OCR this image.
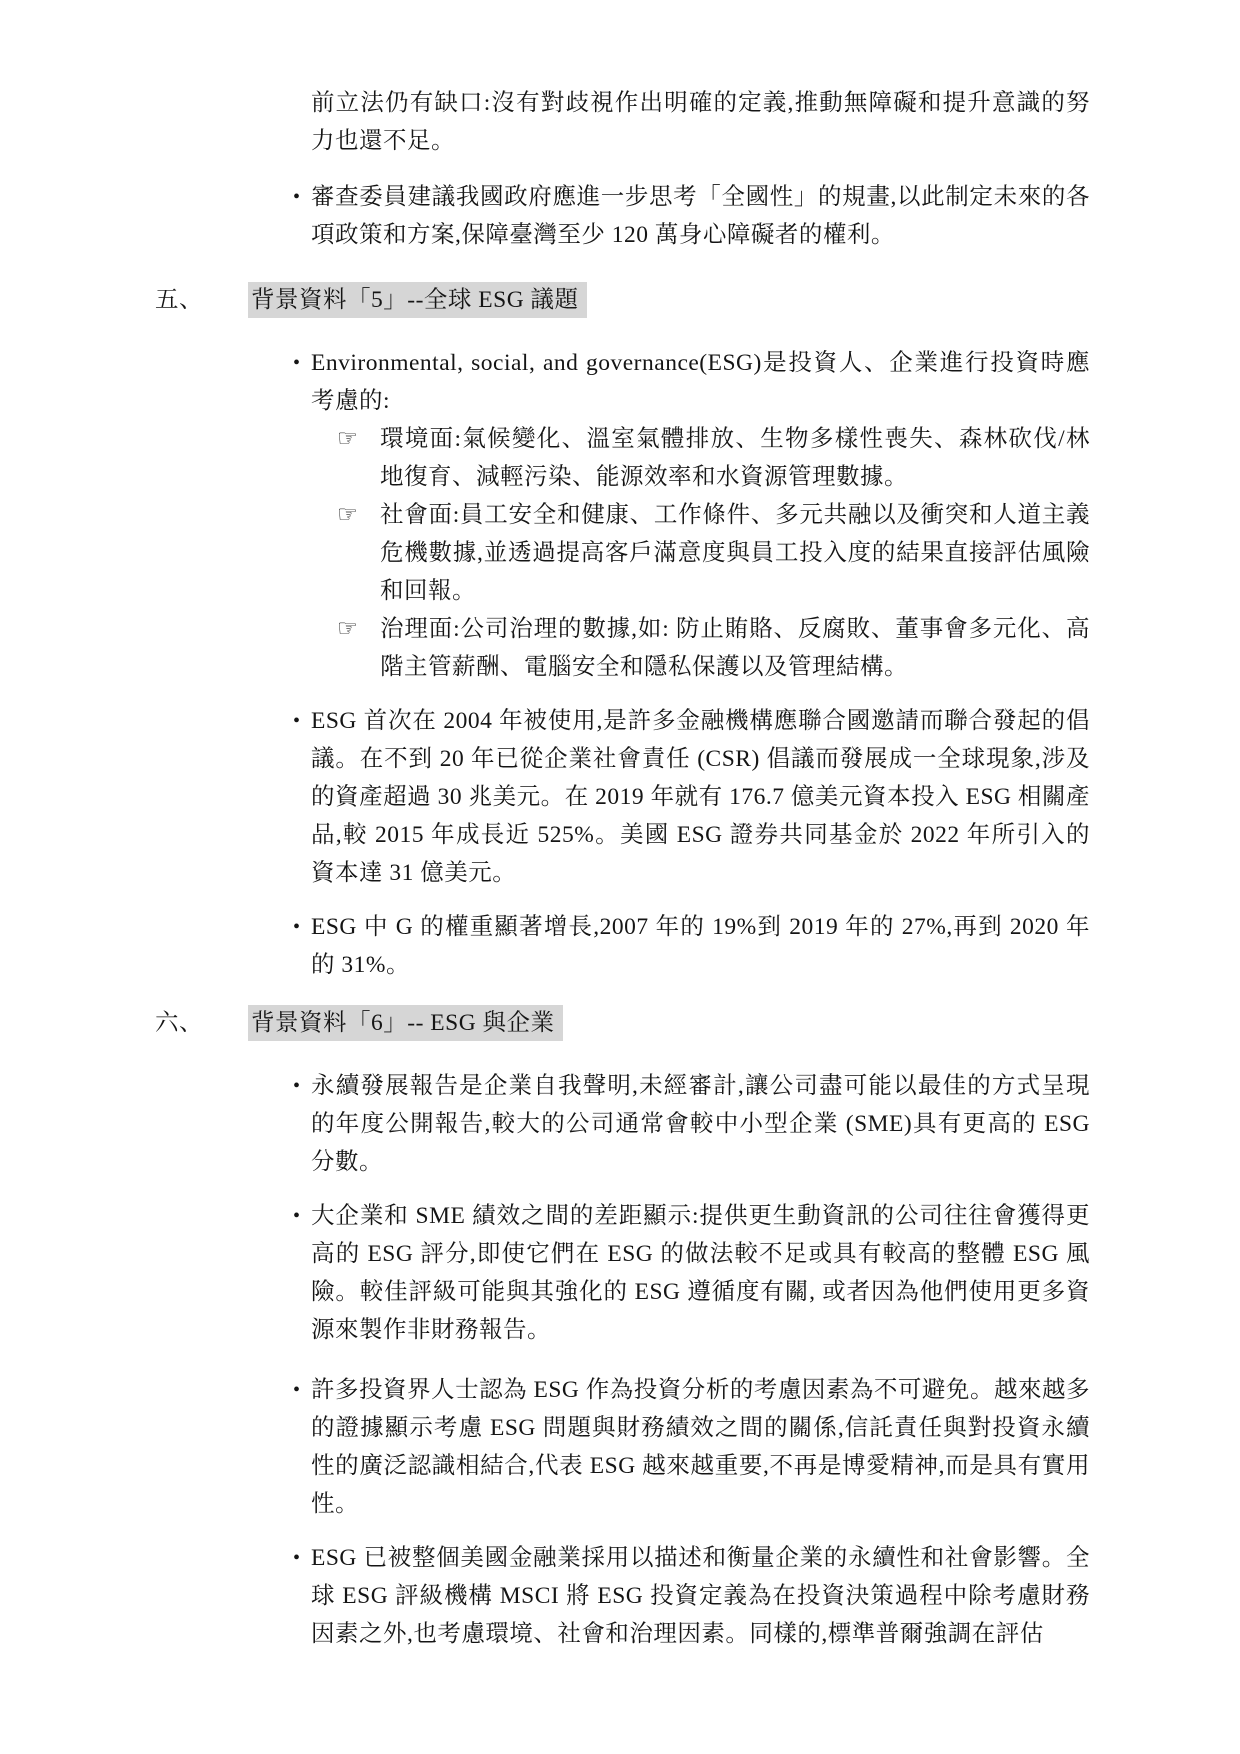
前立法仍有缺口:沒有對歧視作出明確的定義,推動無障礙和提升意識的努力也還不足。

• 審查委員建議我國政府應進一步思考「全國性」的規畫,以此制定未來的各項政策和方案,保障臺灣至少 120 萬身心障礙者的權利。
五、 背景資料「5」--全球 ESG 議題
• Environmental, social, and governance(ESG)是投資人、企業進行投資時應考慮的:
☞ 環境面:氣候變化、溫室氣體排放、生物多樣性喪失、森林砍伐/林地復育、減輕污染、能源效率和水資源管理數據。
☞ 社會面:員工安全和健康、工作條件、多元共融以及衝突和人道主義危機數據,並透過提高客戶滿意度與員工投入度的結果直接評估風險和回報。
☞ 治理面:公司治理的數據,如: 防止賄賂、反腐敗、董事會多元化、高階主管薪酬、電腦安全和隱私保護以及管理結構。
• ESG 首次在 2004 年被使用,是許多金融機構應聯合國邀請而聯合發起的倡議。在不到 20 年已從企業社會責任 (CSR) 倡議而發展成一全球現象,涉及的資產超過 30 兆美元。在 2019 年就有 176.7 億美元資本投入 ESG 相關產品,較 2015 年成長近 525%。美國 ESG 證券共同基金於 2022 年所引入的資本達 31 億美元。
• ESG 中 G 的權重顯著增長,2007 年的 19%到 2019 年的 27%,再到 2020 年的 31%。
六、 背景資料「6」-- ESG 與企業
• 永續發展報告是企業自我聲明,未經審計,讓公司盡可能以最佳的方式呈現的年度公開報告,較大的公司通常會較中小型企業 (SME)具有更高的 ESG 分數。
• 大企業和 SME 績效之間的差距顯示:提供更生動資訊的公司往往會獲得更高的 ESG 評分,即使它們在 ESG 的做法較不足或具有較高的整體 ESG 風險。較佳評級可能與其強化的 ESG 遵循度有關, 或者因為他們使用更多資源來製作非財務報告。
• 許多投資界人士認為 ESG 作為投資分析的考慮因素為不可避免。越來越多的證據顯示考慮 ESG 問題與財務績效之間的關係,信託責任與對投資永續性的廣泛認識相結合,代表 ESG 越來越重要,不再是博愛精神,而是具有實用性。
• ESG 已被整個美國金融業採用以描述和衡量企業的永續性和社會影響。全球 ESG 評級機構 MSCI 將 ESG 投資定義為在投資決策過程中除考慮財務因素之外,也考慮環境、社會和治理因素。同樣的,標準普爾強調在評估
